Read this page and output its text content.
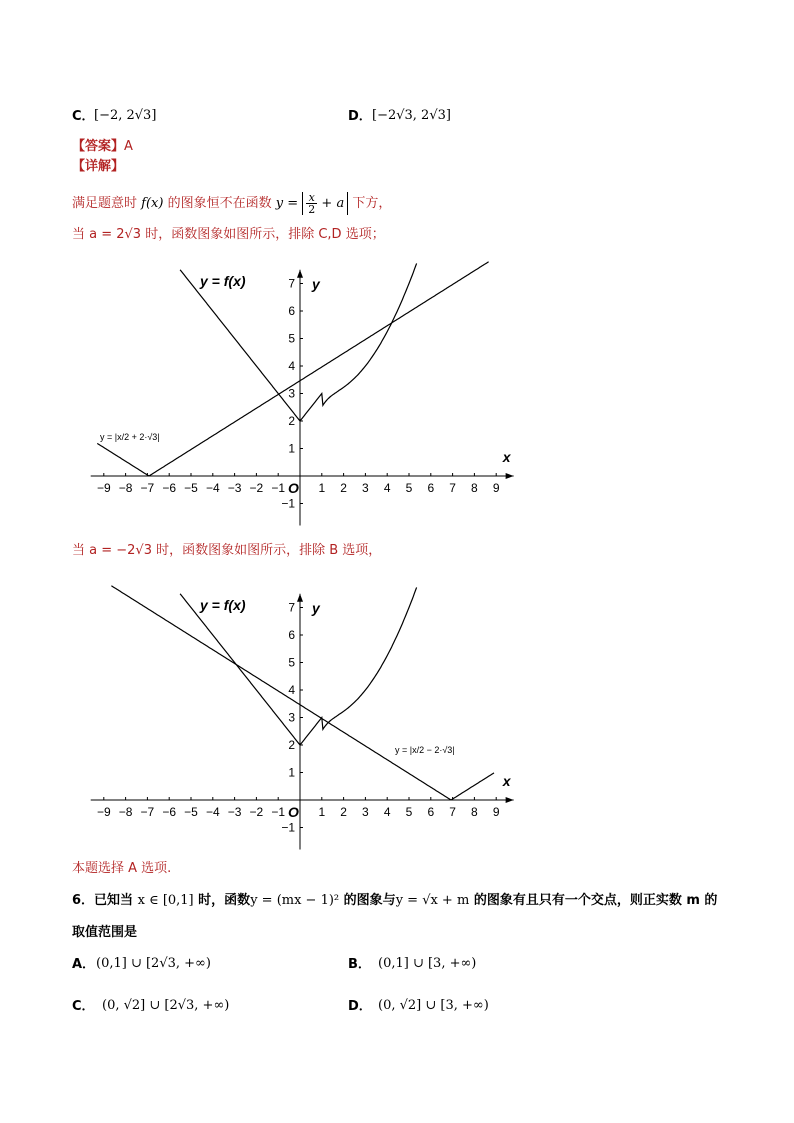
C． [−2, 2√3]	D． [−2√3, 2√3]
【答案】A
【详解】
满足题意时 f(x) 的图象恒不在函数 $y = \frac{x}{2} + a$ 下方，
当 a = 2√3 时，函数图象如图所示，排除 C,D 选项；
−9 −8 −7 −6 −5 −4 −3 −2 −1	1 2 3 4 5 6 7 8 9
7
6
5
4
3
2
1
−1
O
x
y
y = f(x)
y = |x/2 + 2·√3|
−9 −8 −7 −6 −5 −4 −3 −2 −1	1 2 3 4 5 6 7 8 9
7
6
5
4
3
2
1
−1
O
x
y
y = f(x)
y = |x/2 − 2·√3|
当 a = −2√3 时，函数图象如图所示，排除 B 选项，
本题选择 A 选项.
6．已知当 x ∈ [0,1] 时，函数y = (mx − 1)² 的图象与y = √x + m 的图象有且只有一个交点，则正实数 m 的
取值范围是
A． (0,1] ∪ [2√3, +∞)	B． (0,1] ∪ [3, +∞)
C． (0, √2] ∪ [2√3, +∞)	D． (0, √2] ∪ [3, +∞)
